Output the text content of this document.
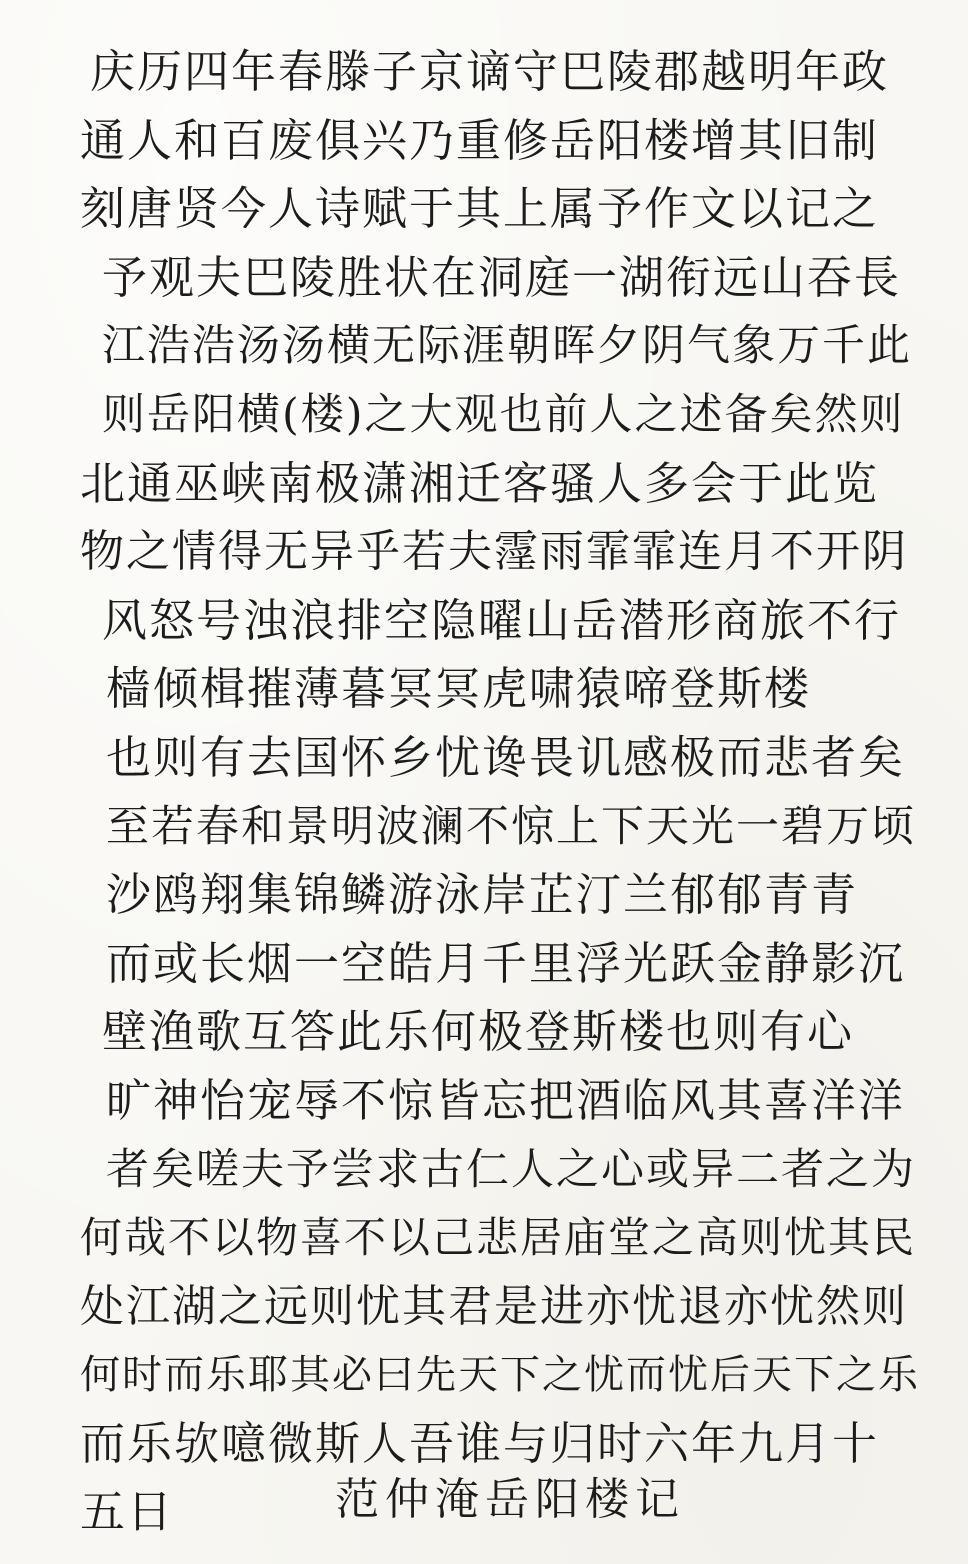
庆历四年春滕子京谪守巴陵郡越明年政
通人和百废俱兴乃重修岳阳楼增其旧制
刻唐贤今人诗赋于其上属予作文以记之
予观夫巴陵胜状在洞庭一湖衔远山吞長
江浩浩汤汤横无际涯朝晖夕阴气象万千此
则岳阳横(楼)之大观也前人之述备矣然则
北通巫峡南极潇湘迁客骚人多会于此览
物之情得无异乎若夫霪雨霏霏连月不开阴
风怒号浊浪排空隐曜山岳潜形商旅不行
樯倾楫摧薄暮冥冥虎啸猿啼登斯楼
也则有去国怀乡忧谗畏讥感极而悲者矣
至若春和景明波澜不惊上下天光一碧万顷
沙鸥翔集锦鳞游泳岸芷汀兰郁郁青青
而或长烟一空皓月千里浮光跃金静影沉
壁渔歌互答此乐何极登斯楼也则有心
旷神怡宠辱不惊皆忘把酒临风其喜洋洋
者矣嗟夫予尝求古仁人之心或异二者之为
何哉不以物喜不以己悲居庙堂之高则忧其民
处江湖之远则忧其君是进亦忧退亦忧然则
何时而乐耶其必曰先天下之忧而忧后天下之乐
而乐欤噫微斯人吾谁与归时六年九月十
五日	范仲淹岳阳楼记
